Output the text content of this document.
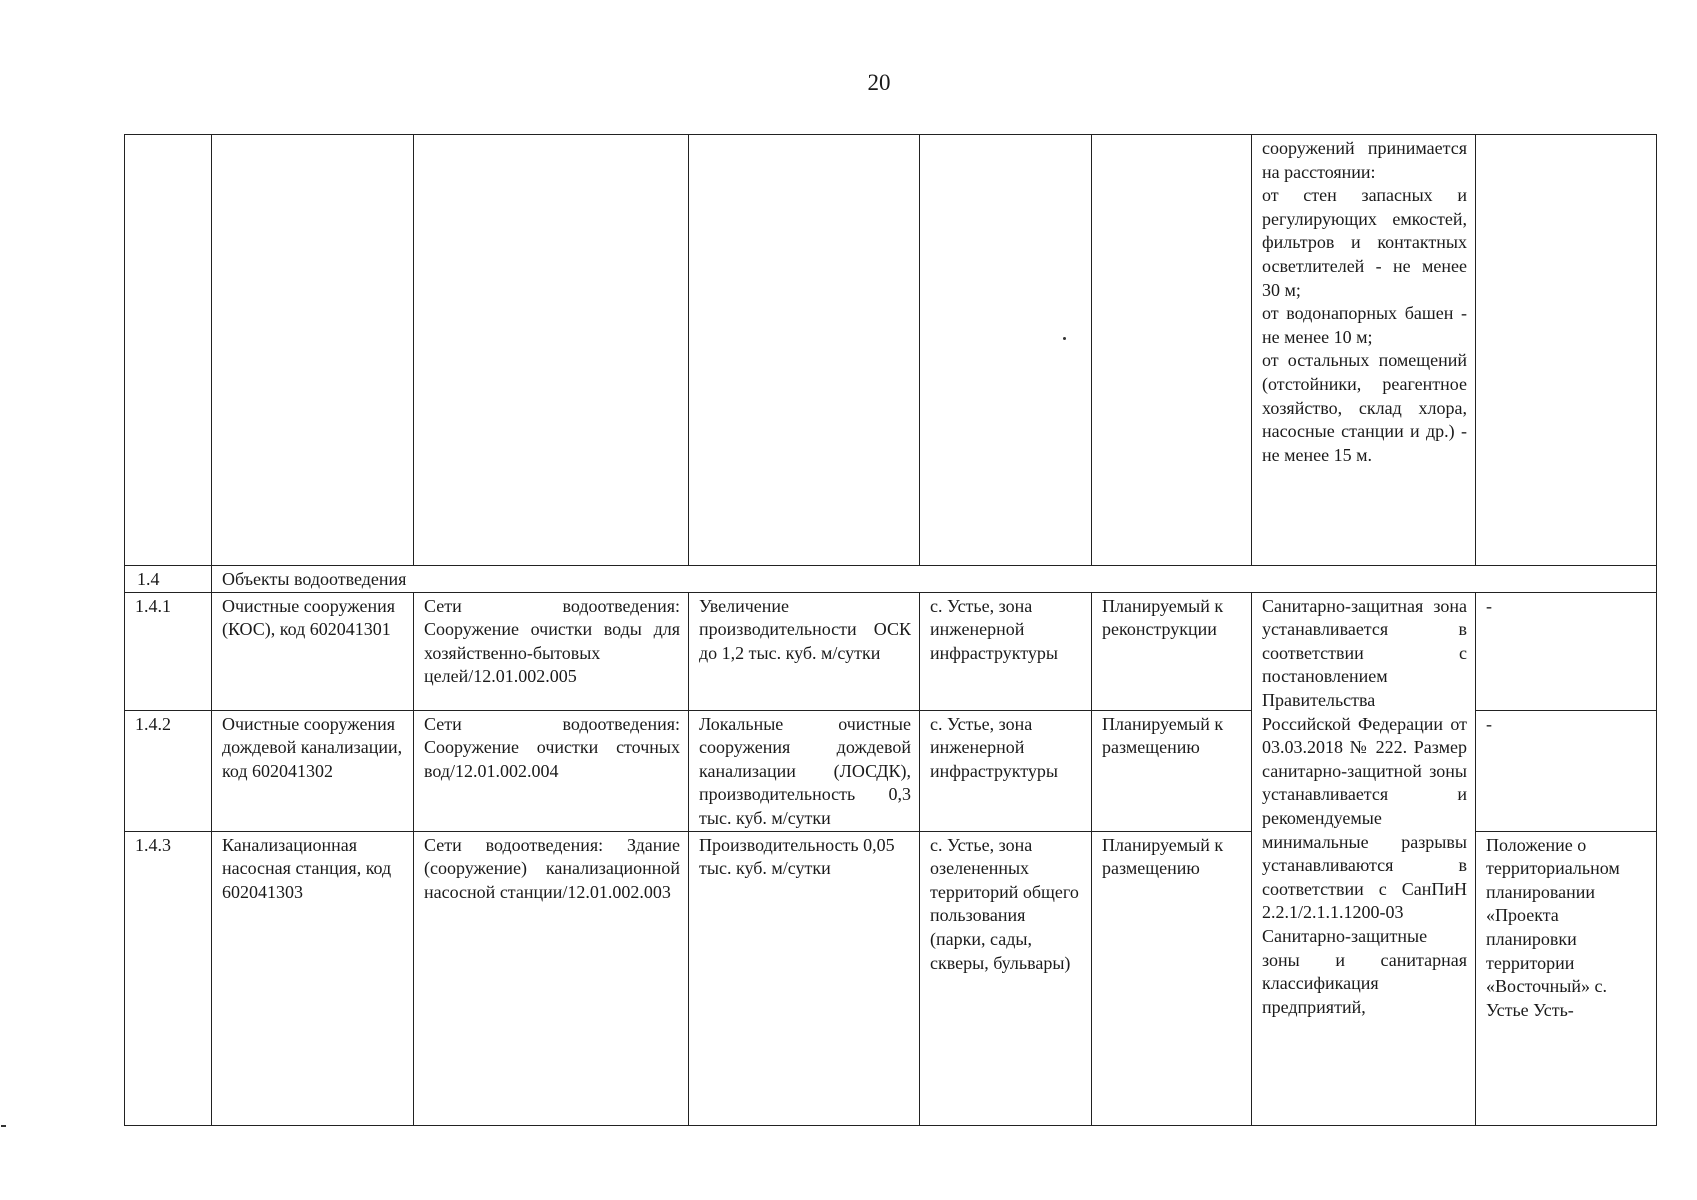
20

						сооружений принимается на расстоянии:

от стен запасных и регулирующих емкостей, фильтров и контактных осветлителей - не менее 30 м;

от водонапорных башен - не менее 10 м;

от остальных помещений (отстойники, реагентное хозяйство, склад хлора, насосные станции и др.) - не менее 15 м.	

1.4	Объекты водоотведения						
1.4.1	Очистные сооружения (КОС), код 602041301	Сети водоотведения: Сооружение очистки воды для хозяйственно-бытовых целей/12.01.002.005	Увеличение производительности ОСК до 1,2 тыс. куб. м/сутки	с. Устье, зона инженерной инфраструктуры	Планируемый к реконструкции	Санитарно-защитная зона устанавливается в соответствии с постановлением Правительства Российской Федерации от 03.03.2018 № 222. Размер санитарно-защитной зоны устанавливается и рекомендуемые минимальные разрывы устанавливаются в соответствии с СанПиН 2.2.1/2.1.1.1200-03 Санитарно-защитные зоны и санитарная классификация предприятий,	-
1.4.2	Очистные сооружения дождевой канализации, код 602041302	Сети водоотведения: Сооружение очистки сточных вод/12.01.002.004	Локальные очистные сооружения дождевой канализации (ЛОСДК), производительность 0,3 тыс. куб. м/сутки	с. Устье, зона инженерной инфраструктуры	Планируемый к размещению		-
1.4.3	Канализационная насосная станция, код 602041303	Сети водоотведения: Здание (сооружение) канализационной насосной станции/12.01.002.003	Производительность 0,05 тыс. куб. м/сутки	с. Устье, зона озелененных территорий общего пользования (парки, сады, скверы, бульвары)	Планируемый к размещению		Положение о территориальном планировании «Проекта планировки территории «Восточный» с. Устье Усть-
